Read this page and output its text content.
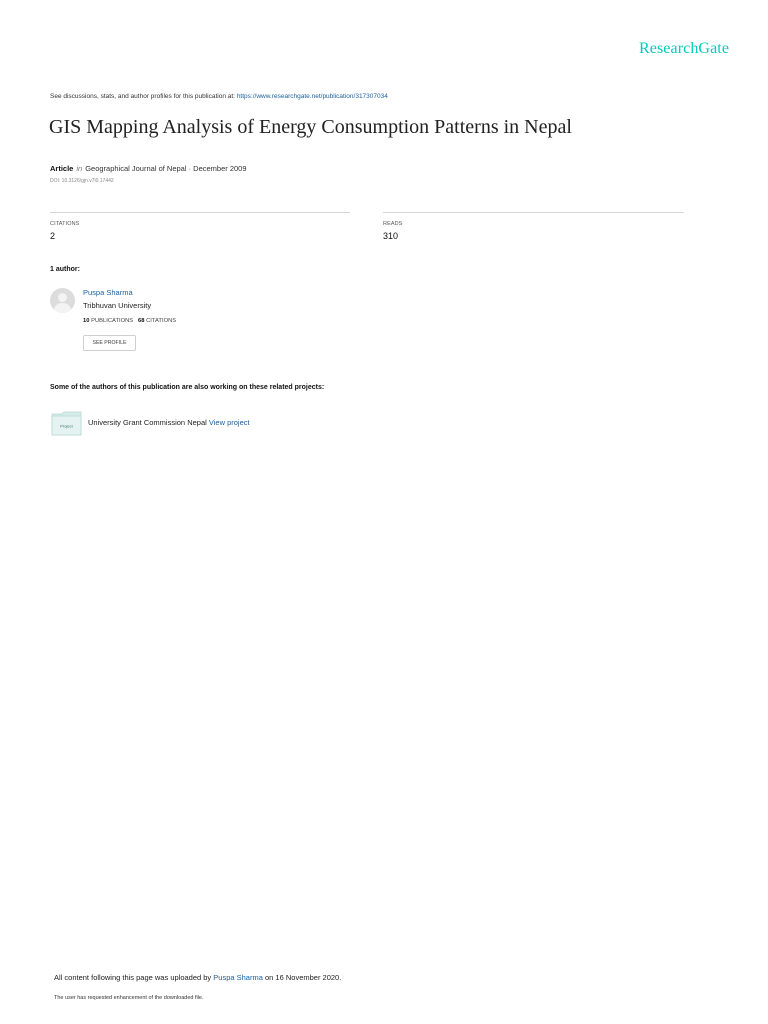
ResearchGate
See discussions, stats, and author profiles for this publication at: https://www.researchgate.net/publication/317307034
GIS Mapping Analysis of Energy Consumption Patterns in Nepal
Article in Geographical Journal of Nepal · December 2009
DOI: 10.3126/gjn.v7i0.17442
CITATIONS
2
READS
310
1 author:
Puspa Sharma
Tribhuvan University
10 PUBLICATIONS 68 CITATIONS
SEE PROFILE
Some of the authors of this publication are also working on these related projects:
Project University Grant Commission Nepal View project
All content following this page was uploaded by Puspa Sharma on 16 November 2020.
The user has requested enhancement of the downloaded file.
